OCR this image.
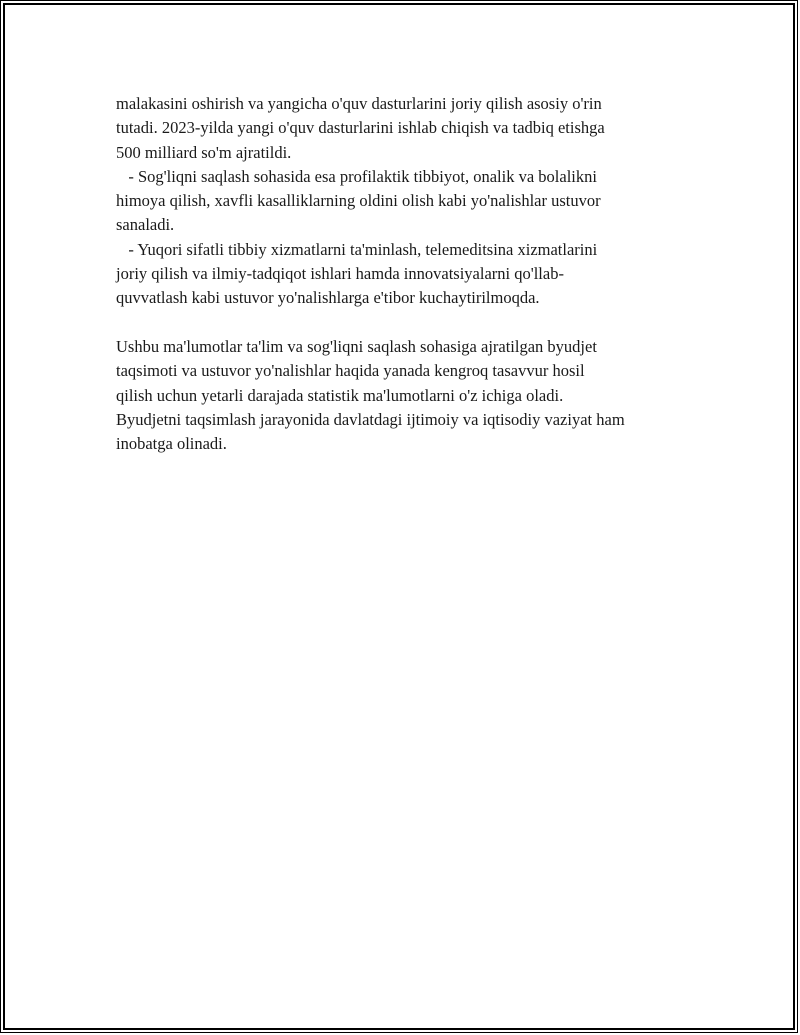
malakasini oshirish va yangicha o'quv dasturlarini joriy qilish asosiy o'rin
tutadi. 2023-yilda yangi o'quv dasturlarini ishlab chiqish va tadbiq etishga
500 milliard so'm ajratildi.
- Sog'liqni saqlash sohasida esa profilaktik tibbiyot, onalik va bolalikni
himoya qilish, xavfli kasalliklarning oldini olish kabi yo'nalishlar ustuvor
sanaladi.
- Yuqori sifatli tibbiy xizmatlarni ta'minlash, telemeditsina xizmatlarini
joriy qilish va ilmiy-tadqiqot ishlari hamda innovatsiyalarni qo'llab-
quvvatlash kabi ustuvor yo'nalishlarga e'tibor kuchaytirilmoqda.
Ushbu ma'lumotlar ta'lim va sog'liqni saqlash sohasiga ajratilgan byudjet
taqsimoti va ustuvor yo'nalishlar haqida yanada kengroq tasavvur hosil
qilish uchun yetarli darajada statistik ma'lumotlarni o'z ichiga oladi.
Byudjetni taqsimlash jarayonida davlatdagi ijtimoiy va iqtisodiy vaziyat ham
inobatga olinadi.
